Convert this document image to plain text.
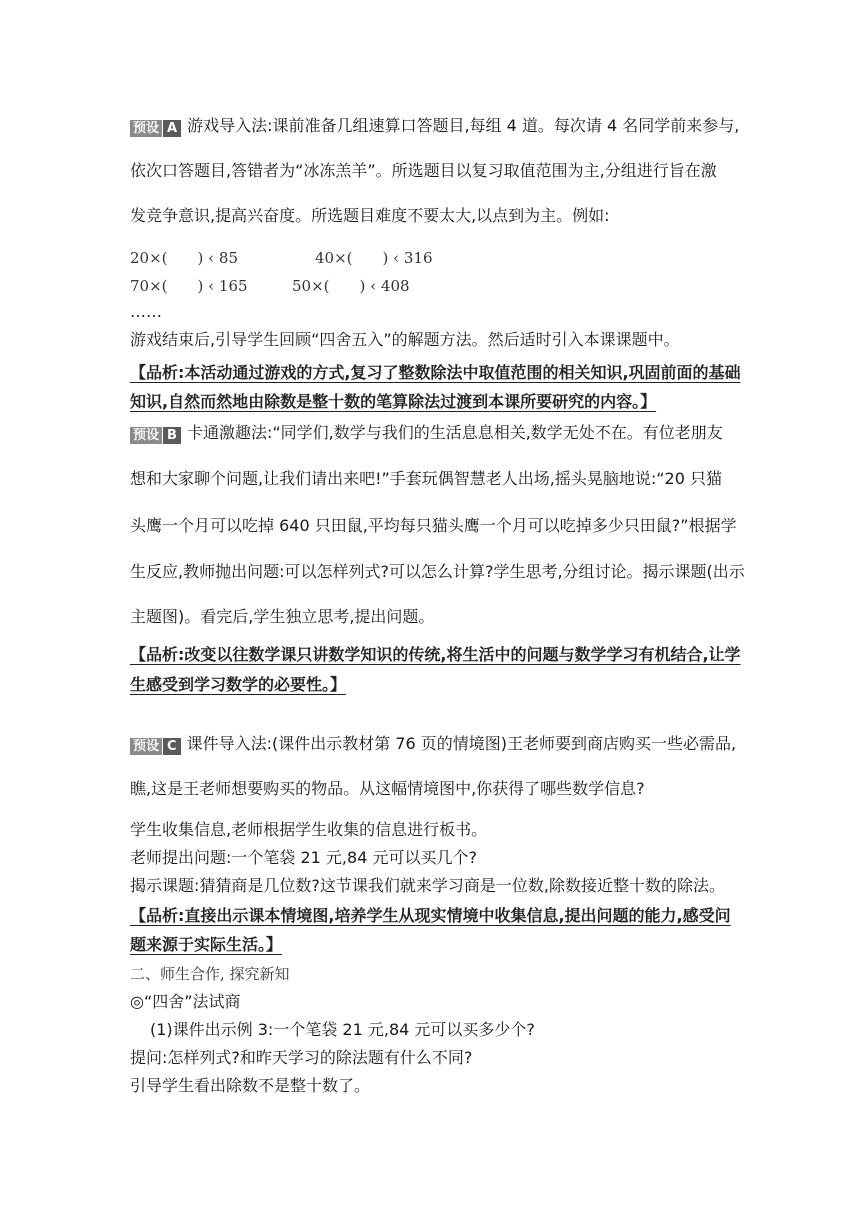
预设 A 游戏导入法:课前准备几组速算口答题目,每组 4 道。每次请 4 名同学前来参与,
依次口答题目,答错者为“冰冻羔羊”。所选题目以复习取值范围为主,分组进行旨在激
发竞争意识,提高兴奋度。所选题目难度不要太大,以点到为主。例如:
20×(　　) ‹ 85	40×(　　) ‹ 316
70×(　　) ‹ 165	50×(　　) ‹ 408
……
游戏结束后,引导学生回顾“四舍五入”的解题方法。然后适时引入本课课题中。
【品析:本活动通过游戏的方式,复习了整数除法中取值范围的相关知识,巩固前面的基础
知识,自然而然地由除数是整十数的笔算除法过渡到本课所要研究的内容。】
预设 B 卡通激趣法:“同学们,数学与我们的生活息息相关,数学无处不在。有位老朋友
想和大家聊个问题,让我们请出来吧!”手套玩偶智慧老人出场,摇头晃脑地说:“20 只猫
头鹰一个月可以吃掉 640 只田鼠,平均每只猫头鹰一个月可以吃掉多少只田鼠?”根据学
生反应,教师抛出问题:可以怎样列式?可以怎么计算?学生思考,分组讨论。揭示课题(出示
主题图)。看完后,学生独立思考,提出问题。
【品析:改变以往数学课只讲数学知识的传统,将生活中的问题与数学学习有机结合,让学
生感受到学习数学的必要性。】
预设 C 课件导入法:(课件出示教材第 76 页的情境图)王老师要到商店购买一些必需品,
瞧,这是王老师想要购买的物品。从这幅情境图中,你获得了哪些数学信息?
学生收集信息,老师根据学生收集的信息进行板书。
老师提出问题:一个笔袋 21 元,84 元可以买几个?
揭示课题:猜猜商是几位数?这节课我们就来学习商是一位数,除数接近整十数的除法。
【品析:直接出示课本情境图,培养学生从现实情境中收集信息,提出问题的能力,感受问
题来源于实际生活。】
二、师生合作, 探究新知
◎“四舍”法试商
(1)课件出示例 3:一个笔袋 21 元,84 元可以买多少个?
提问:怎样列式?和昨天学习的除法题有什么不同?
引导学生看出除数不是整十数了。
